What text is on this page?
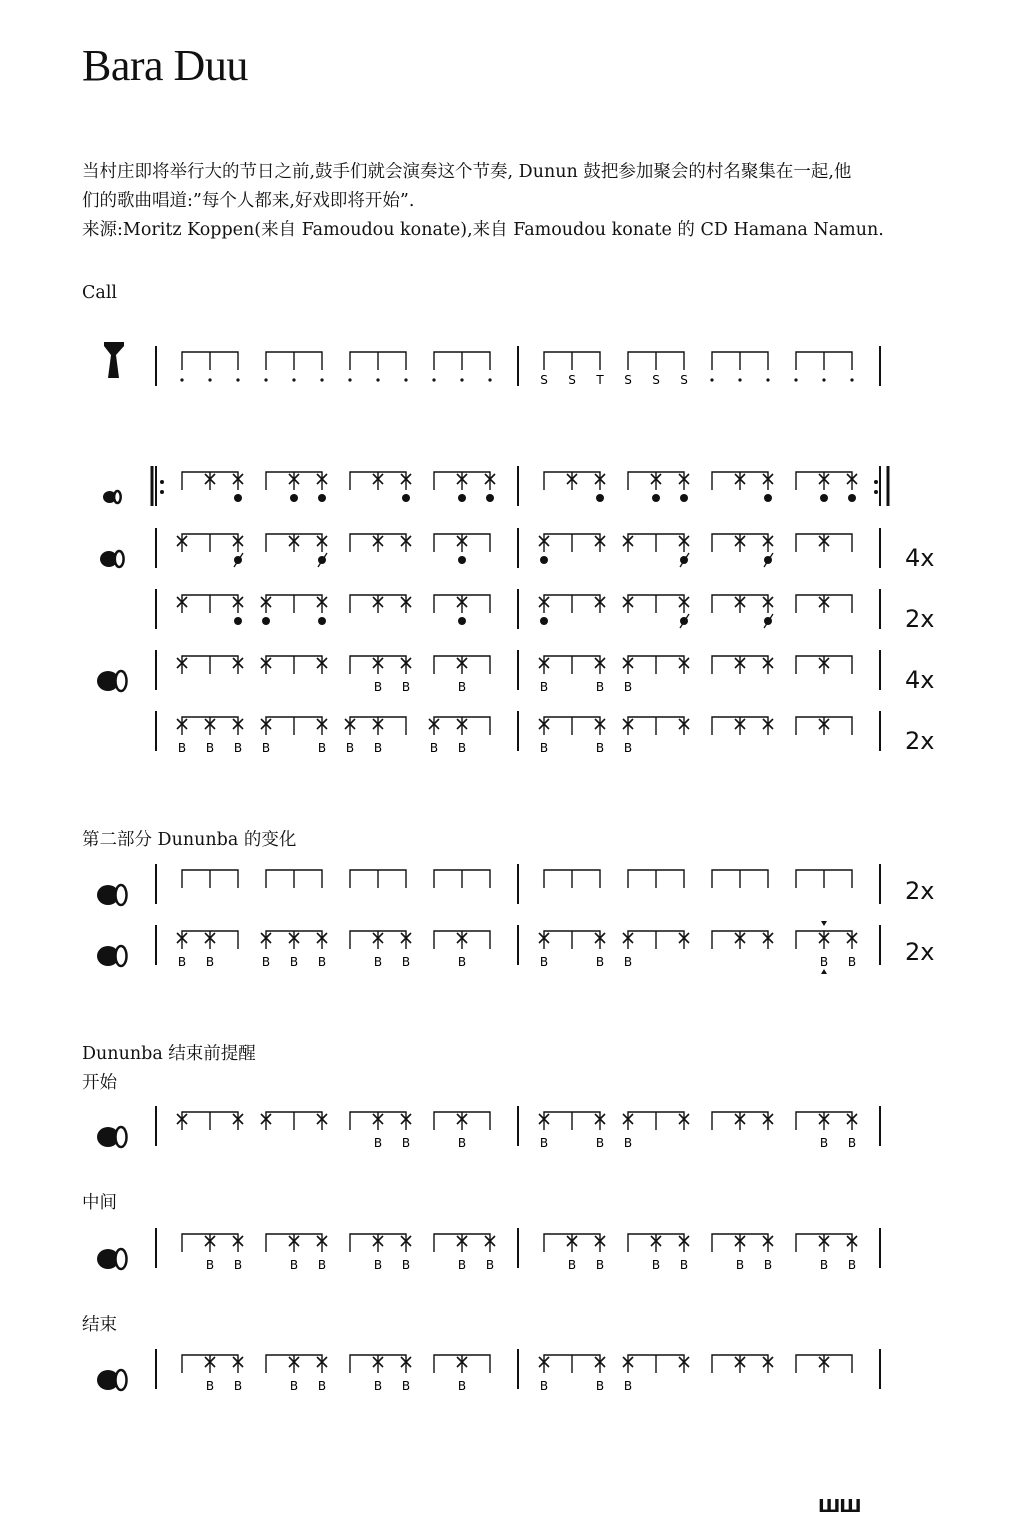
Bara Duu
当村庄即将举行大的节日之前,鼓手们就会演奏这个节奏, Dunun 鼓把参加聚会的村名聚集在一起,他
们的歌曲唱道:”每个人都来,好戏即将开始”.
来源:Moritz Koppen(来自 Famoudou konate),来自 Famoudou konate 的 CD Hamana Namun.
Call
第二部分 Dununba 的变化
Dununba 结束前提醒
开始
中间
结束
4x
2x
4x
2x
2x
2x
S S T S S S
B B	B	B	B B
B B B B	B B B	B B	B	B B
B B	B B B	B B	B	B	B B	B B
B B	B	B	B B	B B
B B	B B	B B	B B	B B	B B	B B	B B
B B	B B	B B	B	B	B B
ШШ
